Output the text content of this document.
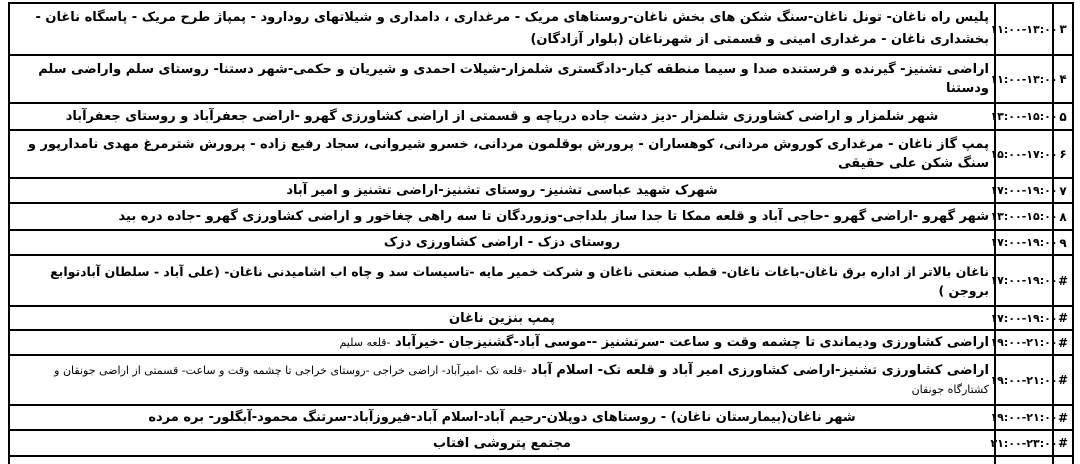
پلیس راه ناغان- تونل ناغان-سنگ شکن های بخش ناغان-روستاهای مریک - مرغداری ، دامداری و شیلاتهای رودارود - پمپاژ طرح مریک - پاسگاه ناغان - بخشداری ناغان - مرغداری امینی و قسمتی از شهرناغان (بلوار آزادگان)
۱۱:۰۰-۱۳:۰۰ ۳
اراضی تشنیز- گیرنده و فرستنده صدا و سیما منطقه کیار-دادگستری شلمزار-شیلات احمدی و شیریان و حکمی-شهر دستنا- روستای سلم واراضی سلم ودستنا
۱۱:۰۰-۱۳:۰۰ ۴
شهر شلمزار و اراضی کشاورزی شلمزار -دیز دشت جاده دریاچه و قسمتی از اراضی کشاورزی گهرو -اراضی جعفرآباد و روستای جعفرآباد	۱۳:۰۰-۱۵:۰۰ ۵
پمپ گاز ناغان - مرغداری کوروش مردانی، کوهساران - پرورش بوقلمون مردانی، خسرو شیروانی، سجاد رفیع زاده - پرورش شترمرغ مهدی نامدارپور و سنگ شکن علی حقیقی
۱۵:۰۰-۱۷:۰۰ ۶
شهرک شهید عباسی تشنیز- روستای تشنیز-اراضی تشنیز و امیر آباد	۱۷:۰۰-۱۹:۰۰ ۷
شهر گهرو -اراضی گهرو -حاجی آباد و قلعه ممکا تا جدا ساز بلداجی-وزوردگان تا سه راهی چغاخور و اراضی کشاورزی گهرو -جاده دره بید ۱۳:۰۰-۱۵:۰۰ ۸
روستای دزک - اراضی کشاورزی دزک	۱۷:۰۰-۱۹:۰۰ ۹
ناغان بالاتر از اداره برق ناغان-باغات ناغان- قطب صنعتی ناغان و شرکت خمیر مایه -تاسیسات سد و چاه اب اشامیدنی ناغان- (علی آباد - سلطان آبادتوابع بروجن )
۱۷:۰۰-۱۹:۰۰ #
پمپ بنزین ناغان	۱۷:۰۰-۱۹:۰۰ #
اراضی کشاورزی ودیماندی تا چشمه وقت و ساعت -سرتشنیز --موسی آباد-گشنیزجان -خیرآباد -قلعه سلیم	۱۹:۰۰-۲۱:۰۰ #
اراضی کشاورزی تشنیز-اراضی کشاورزی امیر آباد و قلعه تک- اسلام آباد -قلعه تک -امیرآباد- اراضی خراجی -روستای خراجی تا چشمه وقت و ساعت- قسمتی از اراضی جونقان و کشتارگاه جونقان
۱۹:۰۰-۲۱:۰۰ #
شهر ناغان(بیمارستان ناغان) - روستاهای دوپلان-رحیم آباد-اسلام آباد-فیروزآباد-سرتنگ محمود-آبگلور- بره مرده	۱۹:۰۰-۲۱:۰۰ #
مجتمع پتروشی افتاب	۲۱:۰۰-۲۳:۰۰ #
